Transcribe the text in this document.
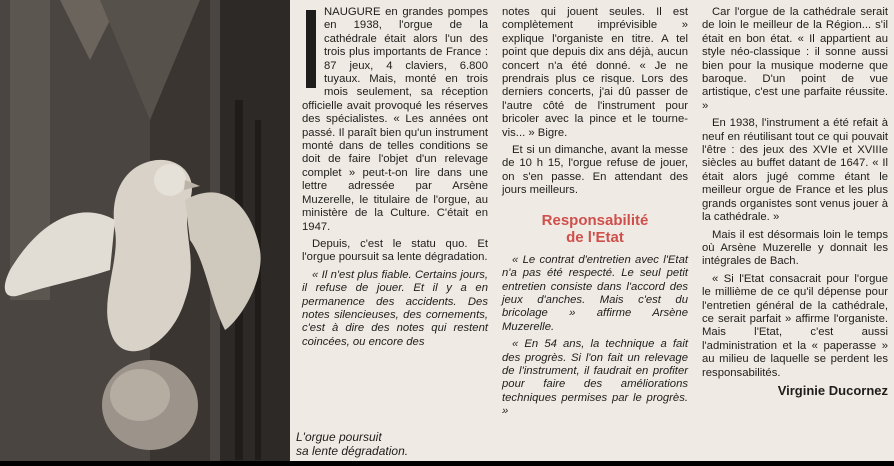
L'orgue poursuit
sa lente dégradation.

NAUGURE en grandes pompes en 1938, l'orgue de la cathédrale était alors l'un des trois plus importants de France : 87 jeux, 4 claviers, 6.800 tuyaux. Mais, monté en trois mois seulement, sa réception officielle avait provoqué les réserves des spécialistes. « Les années ont passé. Il paraît bien qu'un instrument monté dans de telles conditions se doit de faire l'objet d'un relevage complet » peut-t-on lire dans une lettre adressée par Arsène Muzerelle, le titulaire de l'orgue, au ministère de la Culture. C'était en 1947.

Depuis, c'est le statu quo. Et l'orgue poursuit sa lente dégradation.

« Il n'est plus fiable. Certains jours, il refuse de jouer. Et il y a en permanence des accidents. Des notes silencieuses, des cornements, c'est à dire des notes qui restent coincées, ou encore des

notes qui jouent seules. Il est complètement imprévisible » explique l'organiste en titre. A tel point que depuis dix ans déjà, aucun concert n'a été donné. « Je ne prendrais plus ce risque. Lors des derniers concerts, j'ai dû passer de l'autre côté de l'instrument pour bricoler avec la pince et le tourne-vis... » Bigre.

Et si un dimanche, avant la messe de 10 h 15, l'orgue refuse de jouer, on s'en passe. En attendant des jours meilleurs.

Responsabilité
de l'Etat

« Le contrat d'entretien avec l'Etat n'a pas été respecté. Le seul petit entretien consiste dans l'accord des jeux d'anches. Mais c'est du bricolage » affirme Arsène Muzerelle.

« En 54 ans, la technique a fait des progrès. Si l'on fait un relevage de l'instrument, il faudrait en profiter pour faire des améliorations techniques permises par le progrès. »

Car l'orgue de la cathédrale serait de loin le meilleur de la Région... s'il était en bon état. « Il appartient au style néo-classique : il sonne aussi bien pour la musique moderne que baroque. D'un point de vue artistique, c'est une parfaite réussite. »

En 1938, l'instrument a été refait à neuf en réutilisant tout ce qui pouvait l'être : des jeux des XVIe et XVIIIe siècles au buffet datant de 1647. « Il était alors jugé comme étant le meilleur orgue de France et les plus grands organistes sont venus jouer à la cathédrale. »

Mais il est désormais loin le temps où Arsène Muzerelle y donnait les intégrales de Bach.

« Si l'Etat consacrait pour l'orgue le millième de ce qu'il dépense pour l'entretien général de la cathédrale, ce serait parfait » affirme l'organiste. Mais l'Etat, c'est aussi l'administration et la « paperasse » au milieu de laquelle se perdent les responsabilités.

Virginie Ducornez
